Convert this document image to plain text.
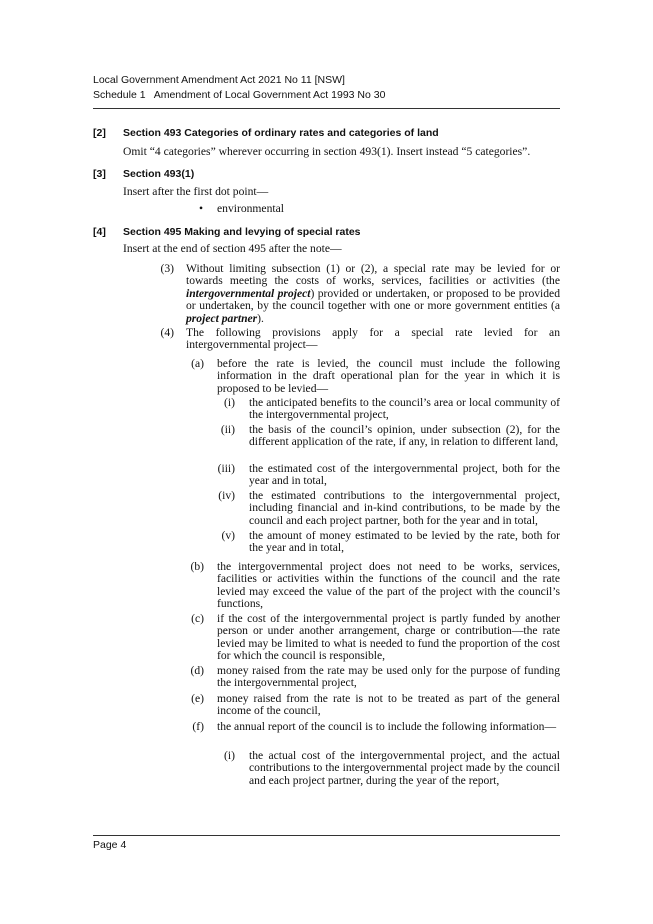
Local Government Amendment Act 2021 No 11 [NSW]
Schedule 1   Amendment of Local Government Act 1993 No 30
[2] Section 493 Categories of ordinary rates and categories of land
Omit “4 categories” wherever occurring in section 493(1). Insert instead “5 categories”.
[3] Section 493(1)
Insert after the first dot point—
• environmental
[4] Section 495 Making and levying of special rates
Insert at the end of section 495 after the note—
(3) Without limiting subsection (1) or (2), a special rate may be levied for or towards meeting the costs of works, services, facilities or activities (the intergovernmental project) provided or undertaken, or proposed to be provided or undertaken, by the council together with one or more government entities (a project partner).
(4) The following provisions apply for a special rate levied for an intergovernmental project—
(a) before the rate is levied, the council must include the following information in the draft operational plan for the year in which it is proposed to be levied—
(i) the anticipated benefits to the council’s area or local community of the intergovernmental project,
(ii) the basis of the council’s opinion, under subsection (2), for the different application of the rate, if any, in relation to different land,
(iii) the estimated cost of the intergovernmental project, both for the year and in total,
(iv) the estimated contributions to the intergovernmental project, including financial and in-kind contributions, to be made by the council and each project partner, both for the year and in total,
(v) the amount of money estimated to be levied by the rate, both for the year and in total,
(b) the intergovernmental project does not need to be works, services, facilities or activities within the functions of the council and the rate levied may exceed the value of the part of the project with the council’s functions,
(c) if the cost of the intergovernmental project is partly funded by another person or under another arrangement, charge or contribution—the rate levied may be limited to what is needed to fund the proportion of the cost for which the council is responsible,
(d) money raised from the rate may be used only for the purpose of funding the intergovernmental project,
(e) money raised from the rate is not to be treated as part of the general income of the council,
(f) the annual report of the council is to include the following information—
(i) the actual cost of the intergovernmental project, and the actual contributions to the intergovernmental project made by the council and each project partner, during the year of the report,
Page 4
